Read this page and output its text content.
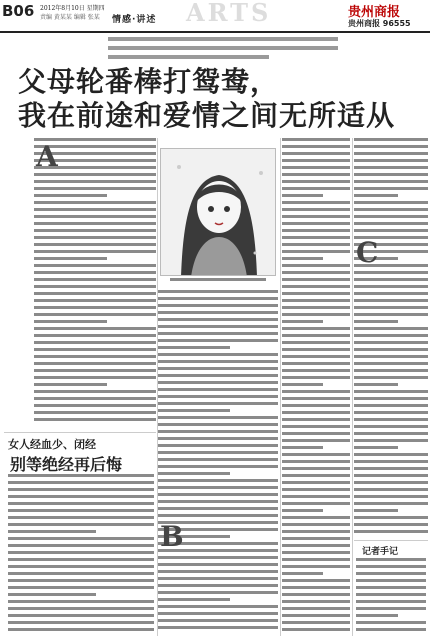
B06 2012年8月10日 星期四
责编 黄某某 编辑 张某 情感·讲述 ARTS	贵州商报
贵州商报 96555
父母轮番棒打鸳鸯，
我在前途和爱情之间无所适从
A
B
C
女人经血少、闭经
别等绝经再后悔
记者手记
